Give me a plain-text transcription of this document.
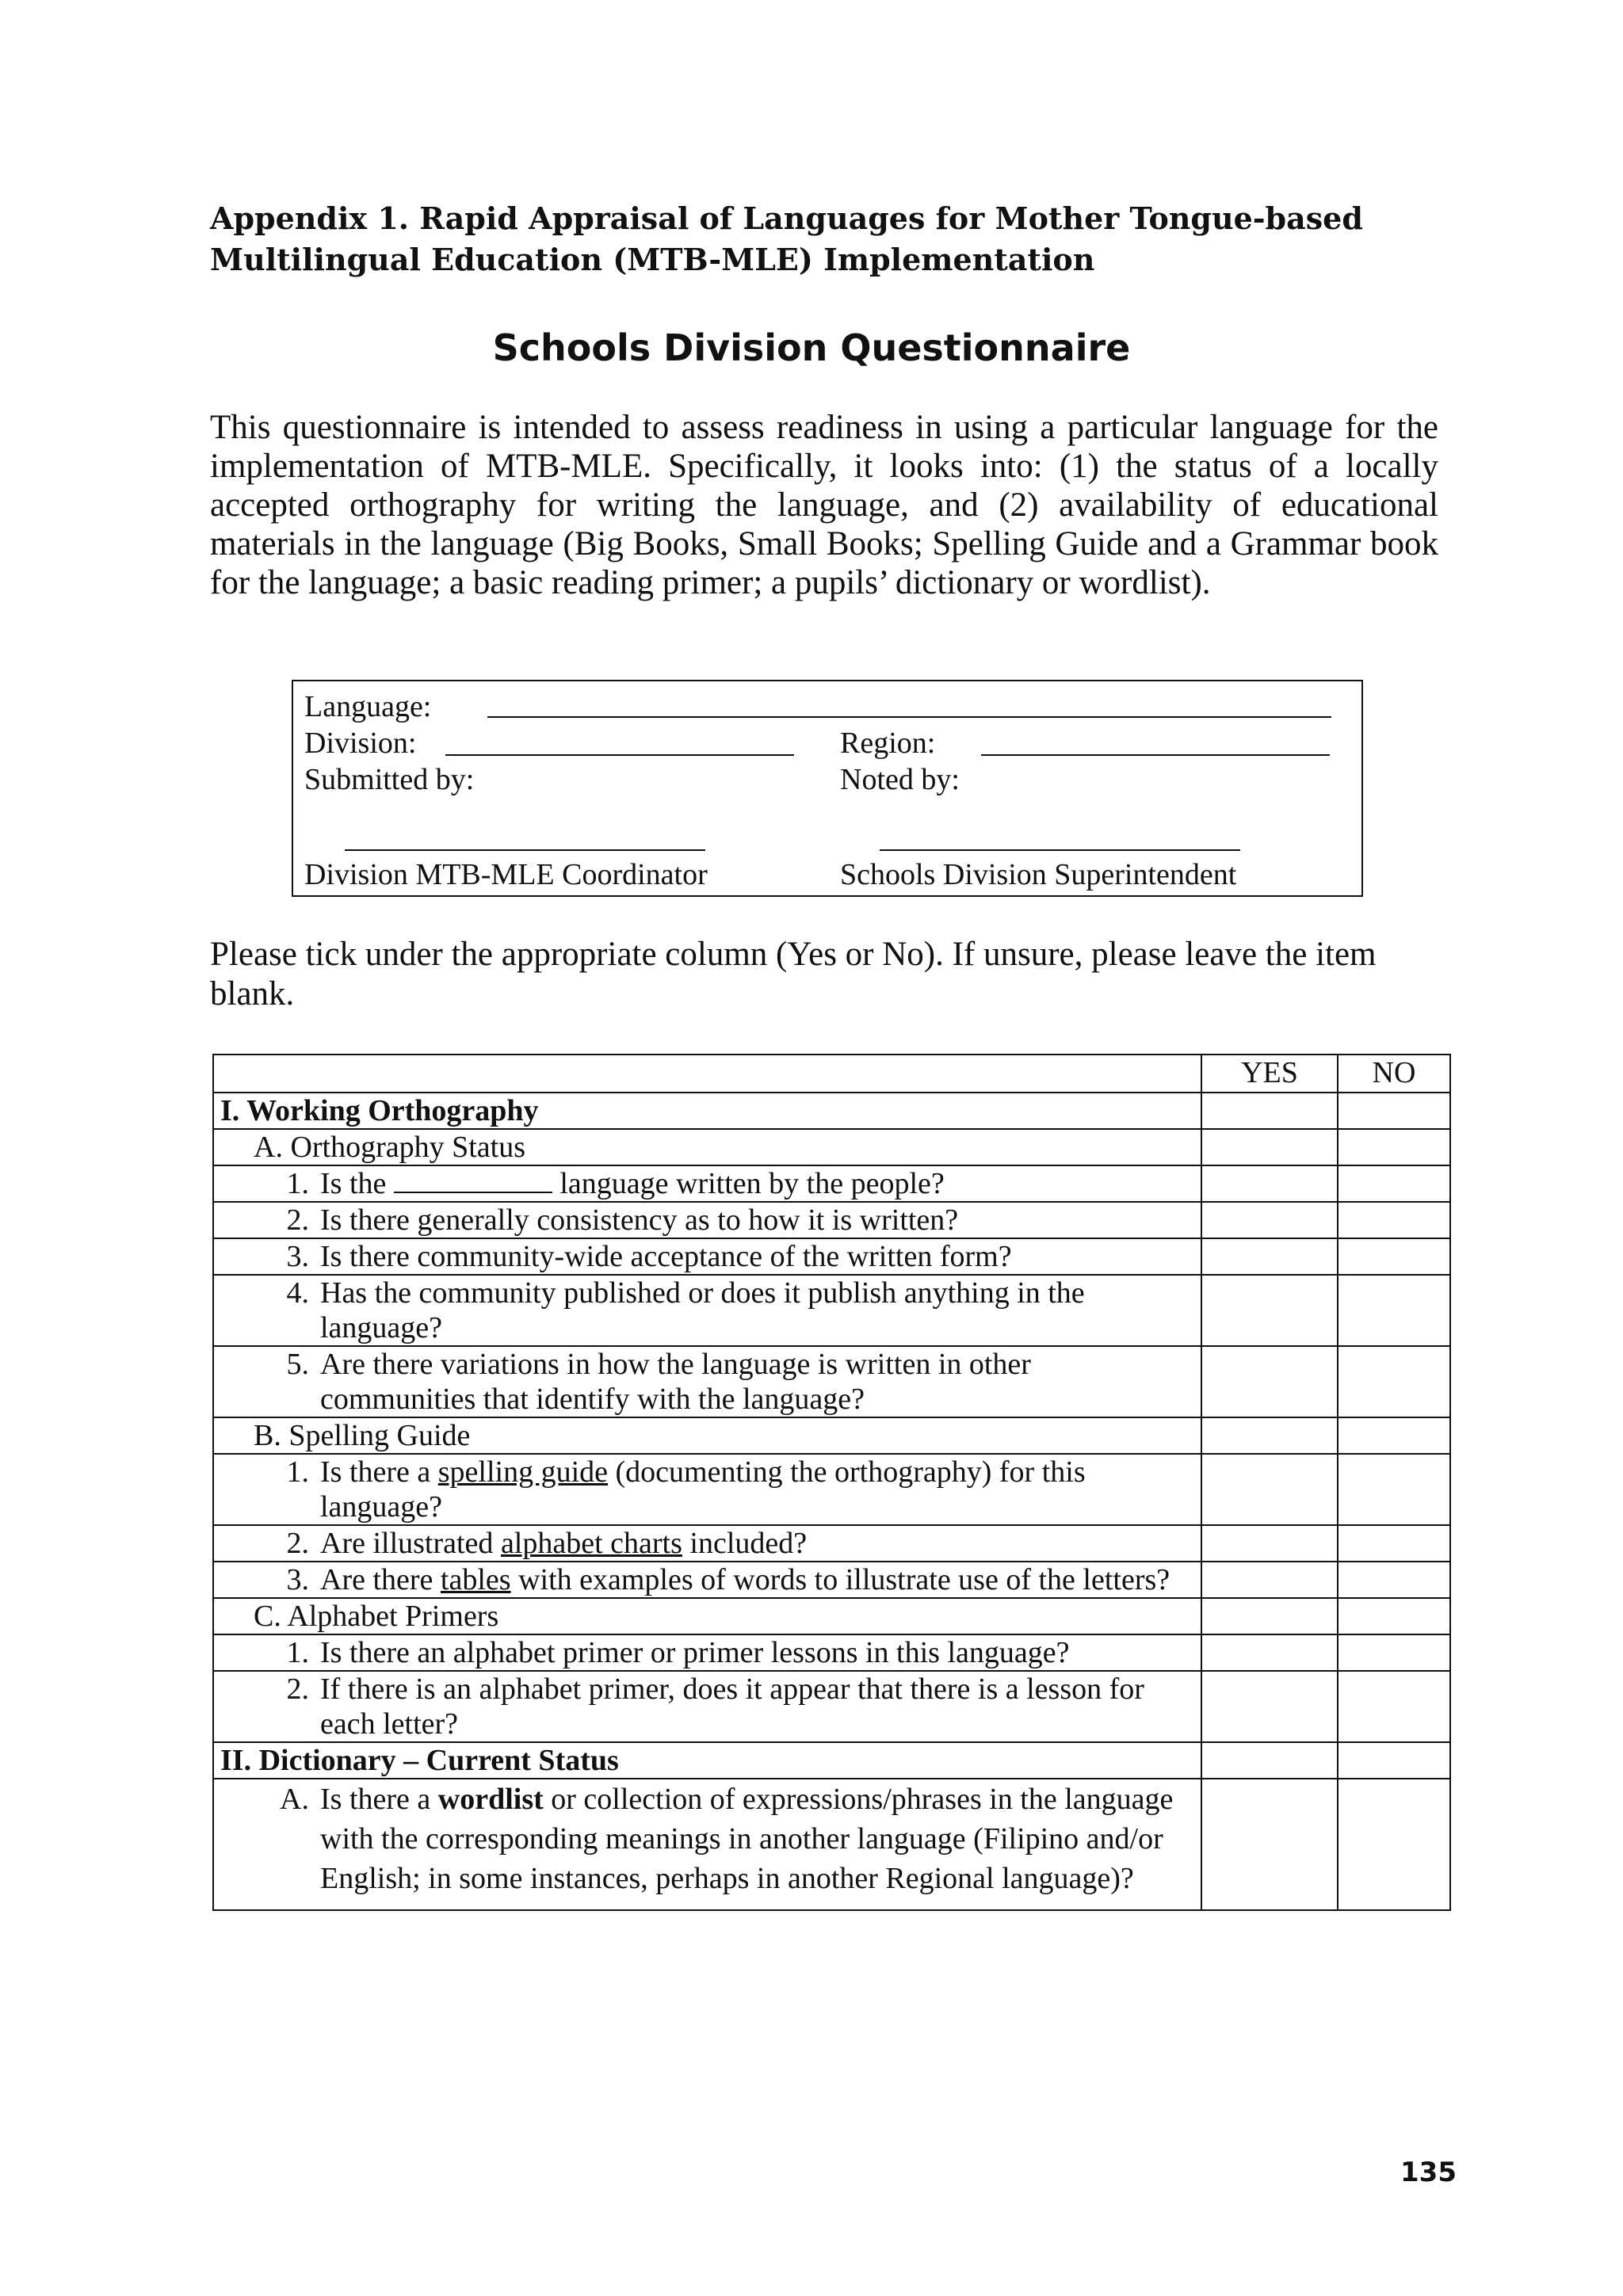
Appendix 1. Rapid Appraisal of Languages for Mother Tongue-based Multilingual Education (MTB-MLE) Implementation
Schools Division Questionnaire
This questionnaire is intended to assess readiness in using a particular language for the implementation of MTB-MLE. Specifically, it looks into: (1) the status of a locally accepted orthography for writing the language, and (2) availability of educational materials in the language (Big Books, Small Books; Spelling Guide and a Grammar book for the language; a basic reading primer; a pupils’ dictionary or wordlist).
Language:
Division:	Region:
Submitted by:	Noted by:
Division MTB-MLE Coordinator	Schools Division Superintendent
Please tick under the appropriate column (Yes or No). If unsure, please leave the item blank.
	YES	NO

I. Working Orthography		

A. Orthography Status		

1. Is the language written by the people?		

2. Is there generally consistency as to how it is written?		

3. Is there community-wide acceptance of the written form?		

4. Has the community published or does it publish anything in the language?		

5. Are there variations in how the language is written in other communities that identify with the language?		

B. Spelling Guide		

1. Is there a spelling guide (documenting the orthography) for this language?		

2. Are illustrated alphabet charts included?		

3. Are there tables with examples of words to illustrate use of the letters?		

C. Alphabet Primers		

1. Is there an alphabet primer or primer lessons in this language?		

2. If there is an alphabet primer, does it appear that there is a lesson for each letter?		

II. Dictionary – Current Status		

A. Is there a wordlist or collection of expressions/phrases in the language with the corresponding meanings in another language (Filipino and/or English; in some instances, perhaps in another Regional language)?		

135
